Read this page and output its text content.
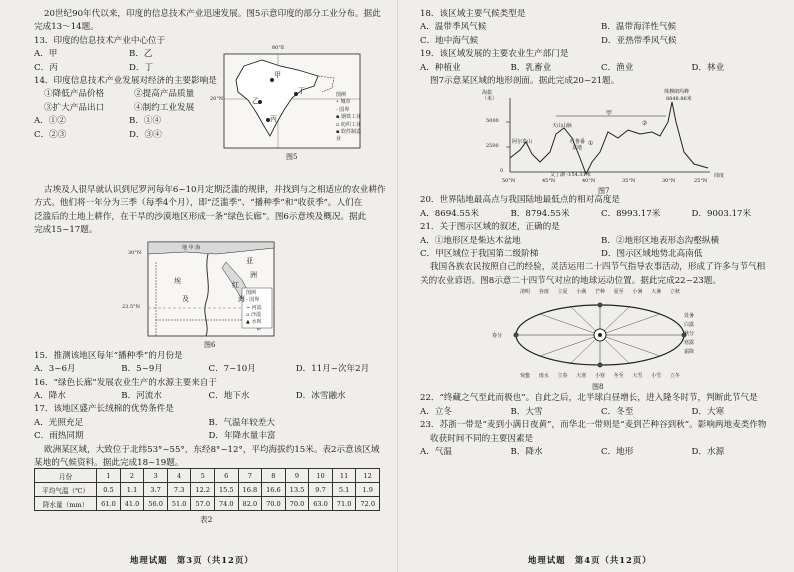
20世纪90年代以来，印度的信息技术产业迅速发展。图5示意印度的部分工业分布。据此
完成13～14题。
13．印度的信息技术产业中心位于
A．甲	B．乙
C．丙	D．丁
14．印度信息技术产业发展对经济的主要影响是
①降低产品价格	②提高产品质量
③扩大产品出口	④制约工业发展
A．①②	B．①④
C．②③	D．③④
80°E
20°N
甲
乙
丙
丁	图例
• 城市
- 国界
▪ 钢铁工业
▫ 纺织工业
▪ 软件制造业
图5
古埃及人很早就认识到尼罗河每年6~10月定期泛滥的规律，并找到与之相适应的农业耕作
方式。他们将一年分为三季（每季4个月），即“泛滥季”、“播种季”和“收获季”。人们在
泛滥后的土地上耕作，在干旱的沙漠地区形成一条“绿色长廊”。图6示意埃及概况。据此
完成15~17题。
地 中 海
亚
洲
埃
及
红
海
30°N
23.5°N
图例
- 国界
~ 河流
▫ 沙漠
▲ 水坝
图6
15．推测该地区每年“播种季”的月份是
A．3~6月	B．5~9月	C．7~10月	D．11月~次年2月
16．“绿色长廊”发展农业生产的水源主要来自于
A．降水	B．河流水	C．地下水	D．冰雪融水
17．该地区盛产长绒棉的优势条件是
A．光照充足	B．气温年较差大
C．雨热同期	D．年降水量丰富
欧洲某区域，大致位于北纬53°~55°，东经8°~12°，平均海拔约15米。表2示意该区域
某地的气候资料。据此完成18~19题。
月份	1	2	3	4	5	6	7	8	9	10	11	12
平均气温（℃）	0.5	1.1	3.7	7.3	12.2	15.5	16.8	16.6	13.5	9.7	5.1	1.9
降水量（mm）	61.0	41.0	56.0	51.0	57.0	74.0	82.0	70.0	70.0	63.0	71.0	72.0
表2
地理试题　第3页（共12页）
18．该区域主要气候类型是
A．温带季风气候	B．温带海洋性气候
C．地中海气候	D．亚热带季风气候
19．该区域发展的主要农业生产部门是
A．种植业	B．乳畜业	C．渔业	D．林业
图7示意某区域的地形剖面。据此完成20~21题。
海拔（米）
5000
2500
0
50°N	45°N	40°N	35°N	30°N	25°N
纬度
珠穆朗玛峰
8848.86米
甲
②
①
阿尔泰山
天山山脉
吐鲁番
盆地
艾丁湖 -154.31米
图7
20．世界陆地最高点与我国陆地最低点的相对高度是
A．8694.55米	B．8794.55米	C．8993.17米	D．9003.17米
21．关于图示区域的叙述，正确的是
A．①地形区是柴达木盆地	B．②地形区地表形态沟壑纵横
C．甲区域位于我国第二级阶梯	D．图示区域地势北高南低
我国各族农民按照自己的经验，灵活运用二十四节气指导农事活动，形成了许多与节气相
关的农业谚语。图8示意二十四节气对应的地球运动位置。据此完成22~23题。
清明 谷雨 立夏 小满 芒种 夏至 小暑 大暑 立秋
惊蛰 雨水 立春 大寒 小寒 冬至 大雪 小雪 立冬
春分
处暑
白露
秋分
寒露
霜降
图8
22．“终藏之气至此而极也”。自此之后，北半球白昼增长，进入隆冬时节，判断此节气是
A．立冬	B．大雪	C．冬至	D．大寒
23．苏浙一带是“麦到小满日夜黄”，而华北一带则是“麦到芒种谷到秋”。影响两地麦类作物
收获时间不同的主要因素是
A．气温	B．降水	C．地形	D．水源
地理试题　第4页（共12页）
